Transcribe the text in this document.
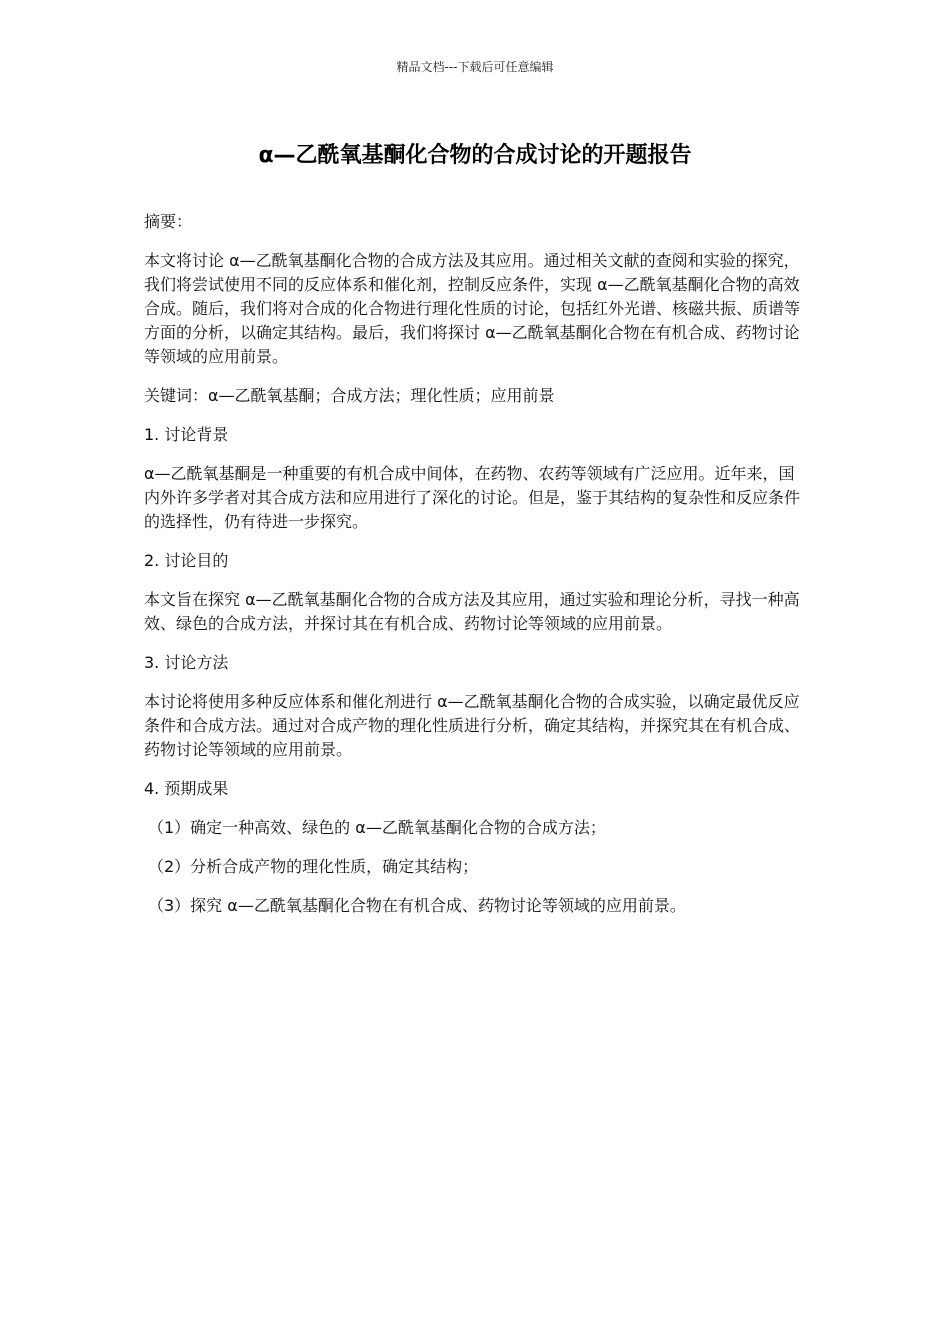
精品文档---下载后可任意编辑
α—乙酰氧基酮化合物的合成讨论的开题报告

摘要：

本文将讨论 α—乙酰氧基酮化合物的合成方法及其应用。通过相关文献的查阅和实验的探究，我们将尝试使用不同的反应体系和催化剂，控制反应条件，实现 α—乙酰氧基酮化合物的高效合成。随后，我们将对合成的化合物进行理化性质的讨论，包括红外光谱、核磁共振、质谱等方面的分析，以确定其结构。最后，我们将探讨 α—乙酰氧基酮化合物在有机合成、药物讨论等领域的应用前景。

关键词：α—乙酰氧基酮；合成方法；理化性质；应用前景

1. 讨论背景

α—乙酰氧基酮是一种重要的有机合成中间体，在药物、农药等领域有广泛应用。近年来，国内外许多学者对其合成方法和应用进行了深化的讨论。但是，鉴于其结构的复杂性和反应条件的选择性，仍有待进一步探究。

2. 讨论目的

本文旨在探究 α—乙酰氧基酮化合物的合成方法及其应用，通过实验和理论分析，寻找一种高效、绿色的合成方法，并探讨其在有机合成、药物讨论等领域的应用前景。

3. 讨论方法

本讨论将使用多种反应体系和催化剂进行 α—乙酰氧基酮化合物的合成实验，以确定最优反应条件和合成方法。通过对合成产物的理化性质进行分析，确定其结构，并探究其在有机合成、药物讨论等领域的应用前景。

4. 预期成果

（1）确定一种高效、绿色的 α—乙酰氧基酮化合物的合成方法；

（2）分析合成产物的理化性质，确定其结构；

（3）探究 α—乙酰氧基酮化合物在有机合成、药物讨论等领域的应用前景。
